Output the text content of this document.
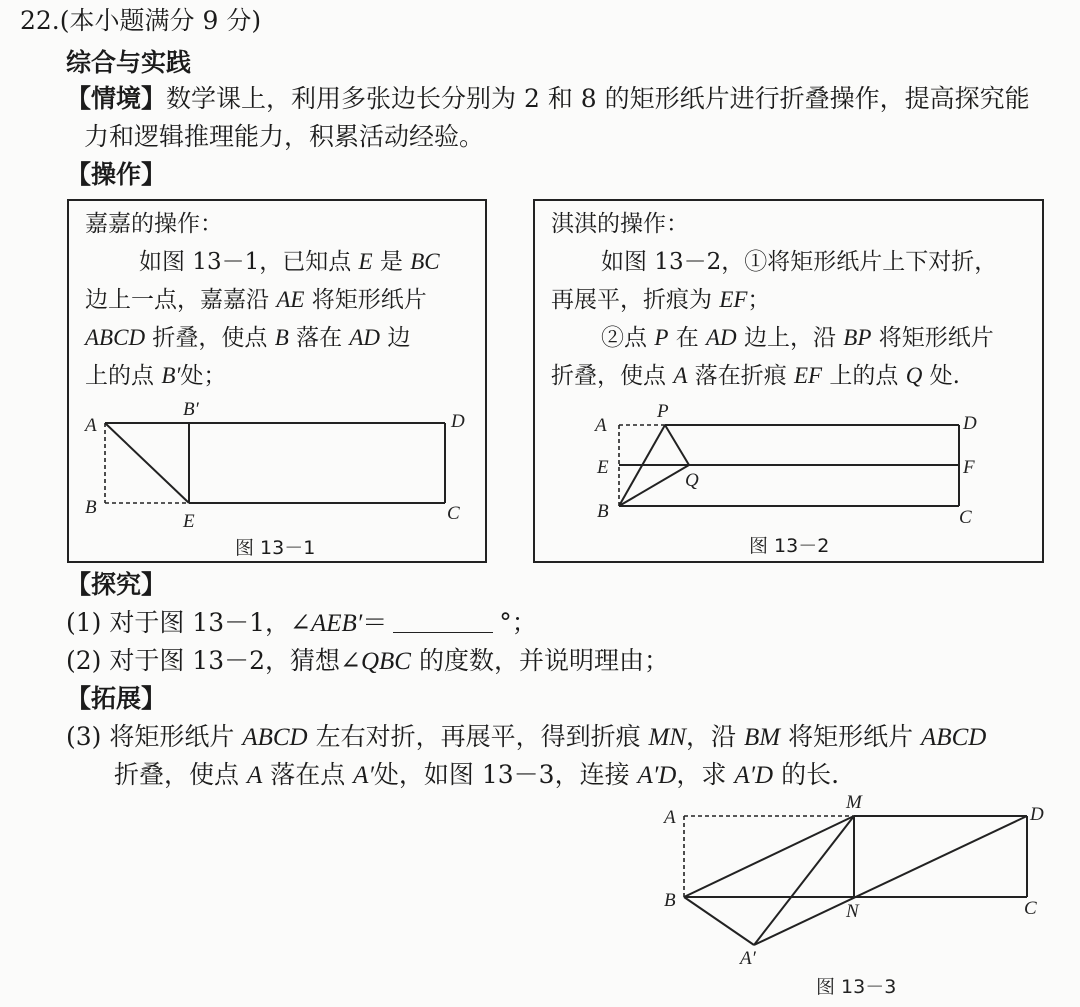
22.(本小题满分 9 分)
综合与实践
【情境】数学课上，利用多张边长分别为 2 和 8 的矩形纸片进行折叠操作，提高探究能
力和逻辑推理能力，积累活动经验。
【操作】
嘉嘉的操作：
如图 13－1，已知点 E 是 BC
边上一点，嘉嘉沿 AE 将矩形纸片
ABCD 折叠，使点 B 落在 AD 边
上的点 B′处；
A
B′
D
B
E	C
图 13－1
淇淇的操作：
如图 13－2，①将矩形纸片上下对折，
再展平，折痕为 EF；
②点 P 在 AD 边上，沿 BP 将矩形纸片
折叠，使点 A 落在折痕 EF 上的点 Q 处.
A
P
D
E	F
Q
B	C
图 13－2
【探究】
(1) 对于图 13－1，∠AEB′＝	°；
(2) 对于图 13－2，猜想∠QBC 的度数，并说明理由；
【拓展】
(3) 将矩形纸片 ABCD 左右对折，再展平，得到折痕 MN，沿 BM 将矩形纸片 ABCD
折叠，使点 A 落在点 A′处，如图 13－3，连接 A′D，求 A′D 的长.
A
M
D
B
N	C
A′
图 13－3
